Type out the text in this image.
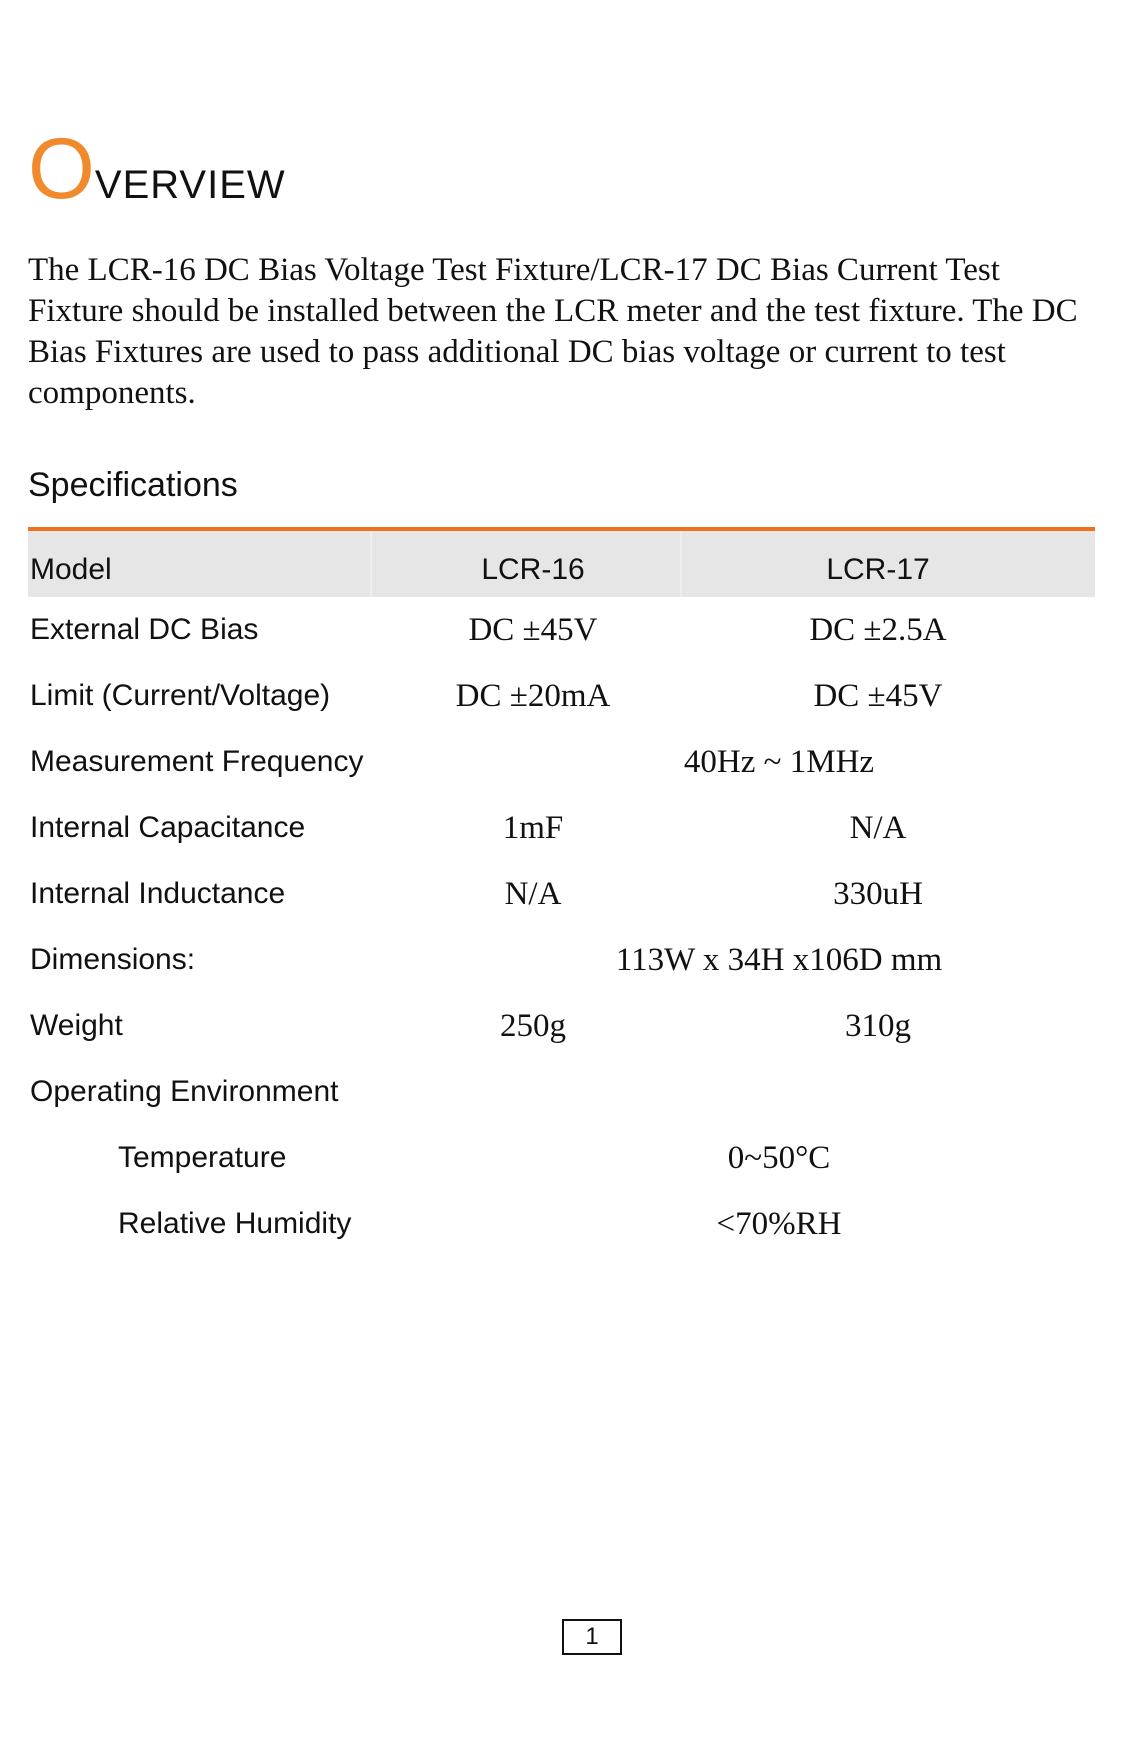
OVERVIEW

The LCR-16 DC Bias Voltage Test Fixture/LCR-17 DC Bias Current Test Fixture should be installed between the LCR meter and the test fixture. The DC Bias Fixtures are used to pass additional DC bias voltage or current to test components.

Specifications
Model	LCR-16	LCR-17
External DC Bias	DC ±45V	DC ±2.5A
Limit (Current/Voltage)	DC ±20mA	DC ±45V
Measurement Frequency	40Hz ~ 1MHz
Internal Capacitance	1mF	N/A
Internal Inductance	N/A	330uH
Dimensions:	113W x 34H x106D mm
Weight	250g	310g
Operating Environment
Temperature	0~50°C
Relative Humidity	<70%RH
1
